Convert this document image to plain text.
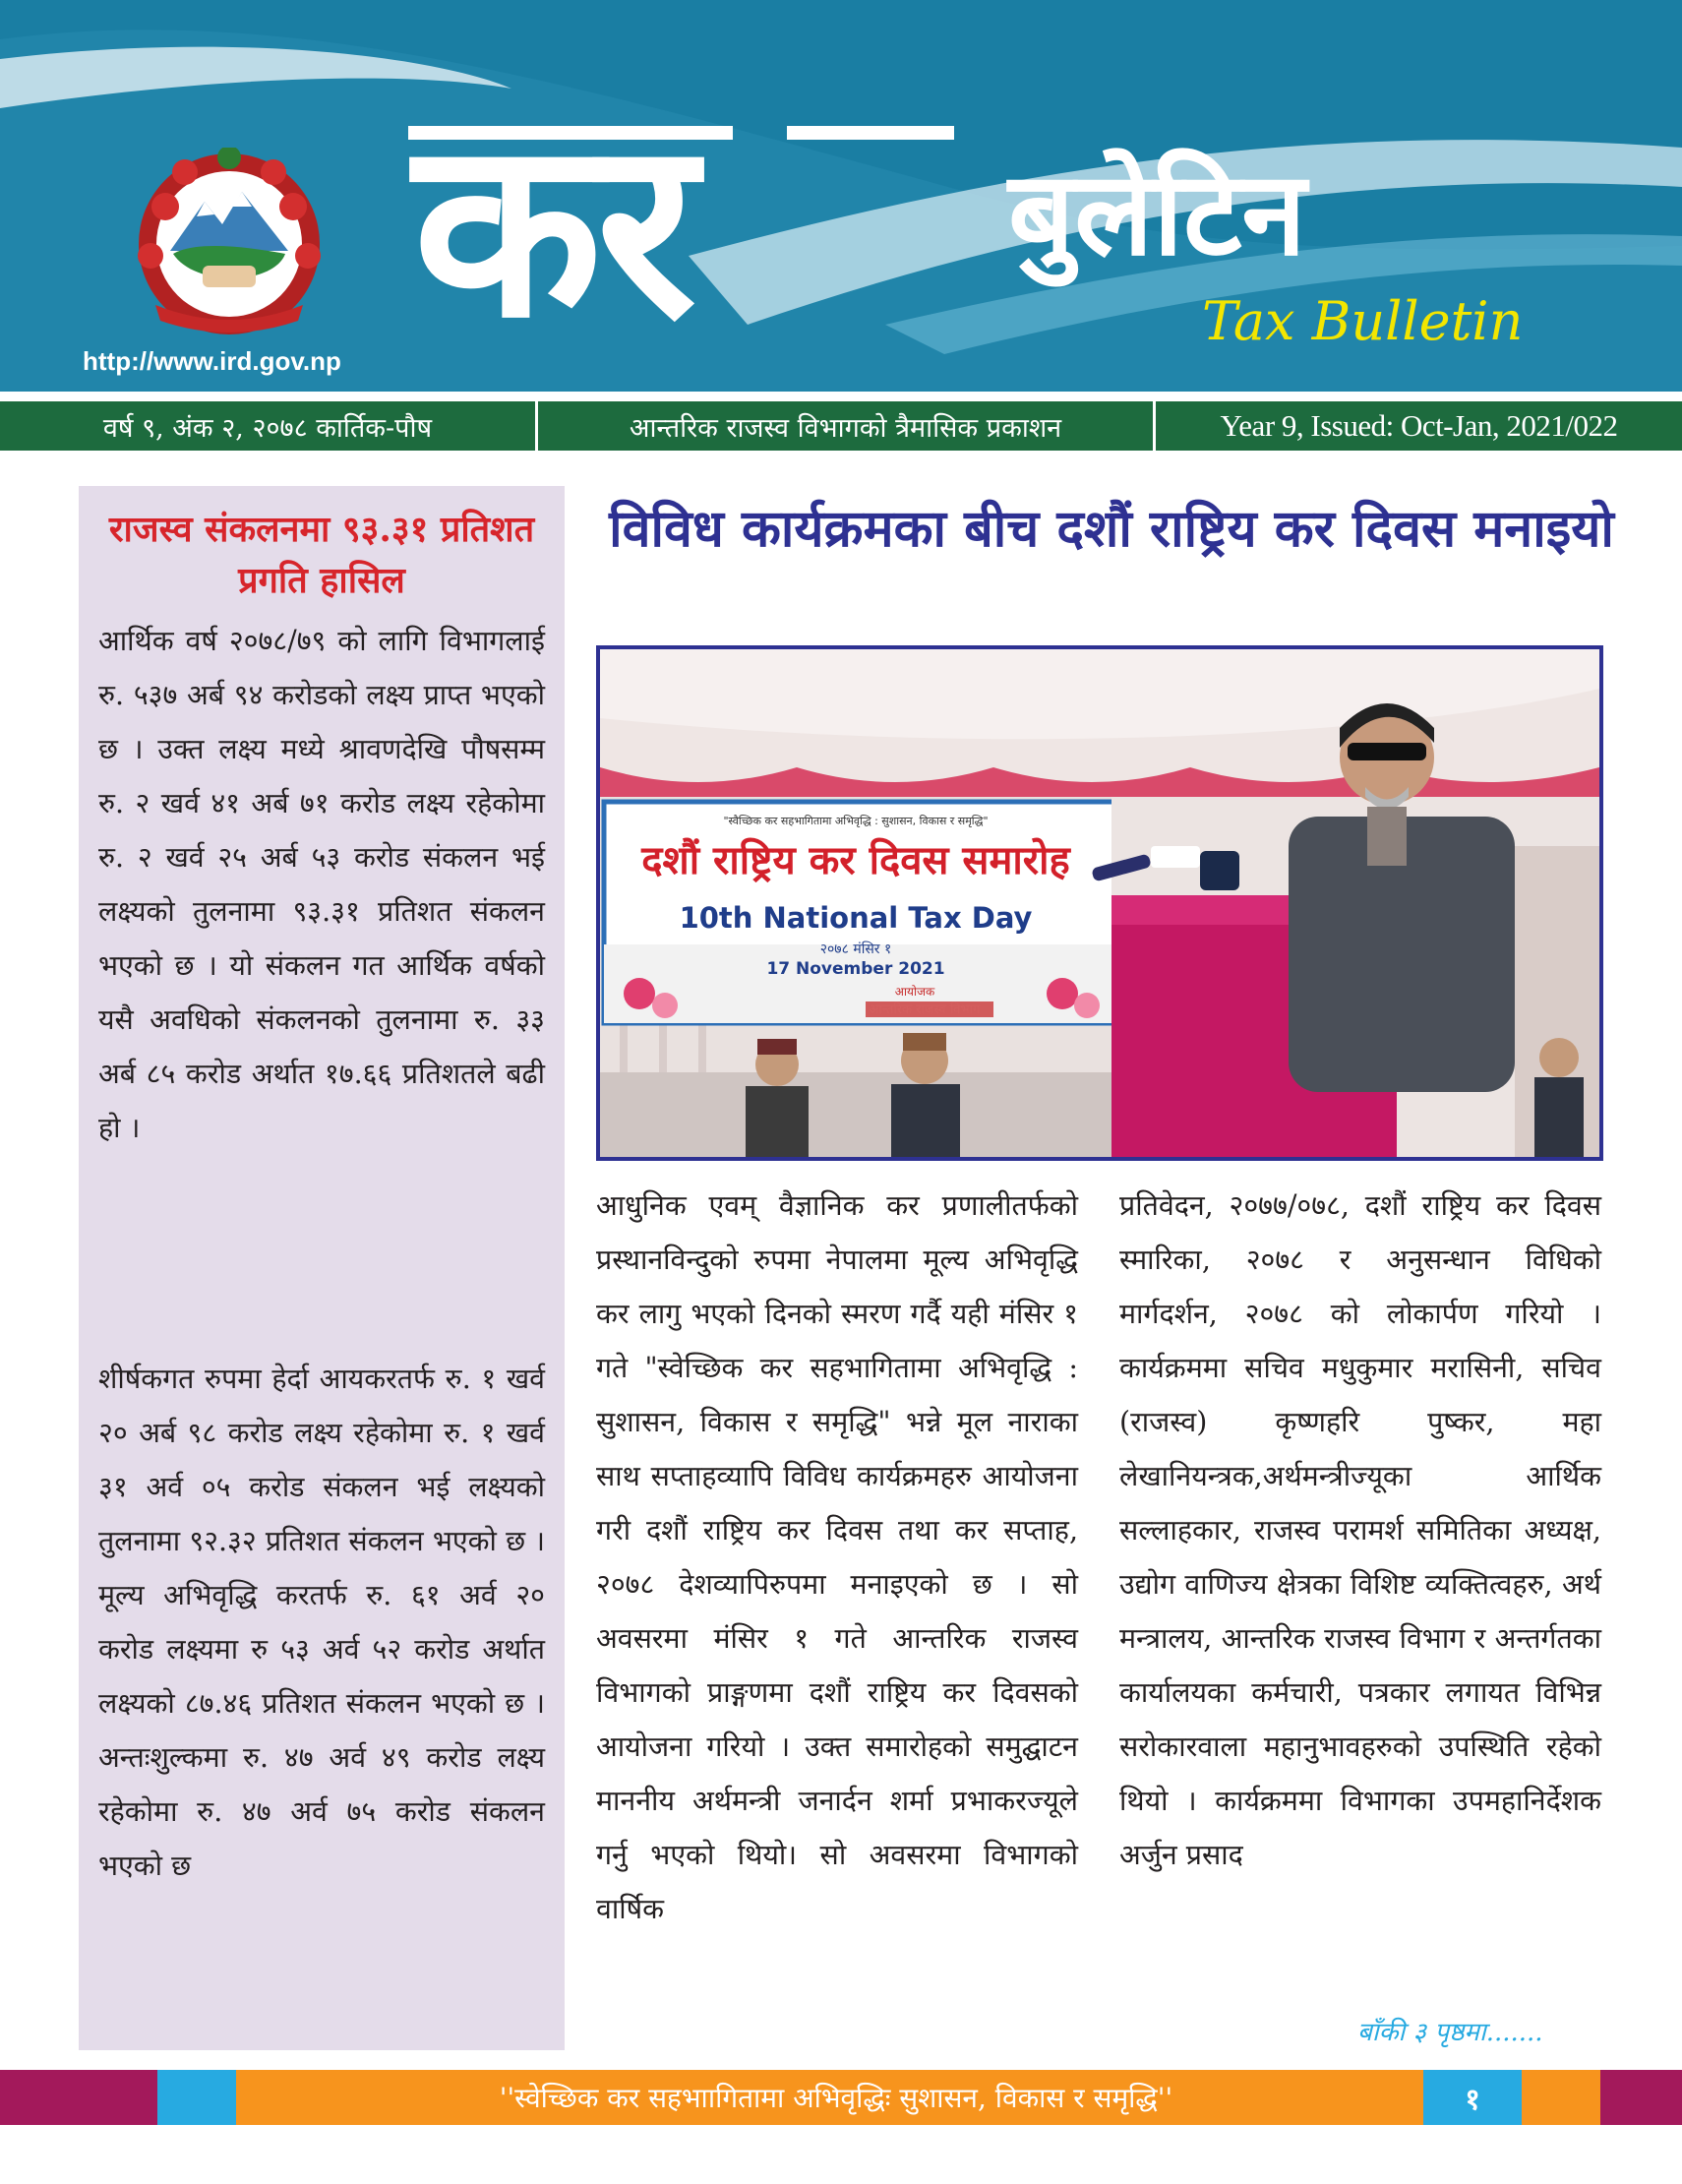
कर	बुलेटिन
Tax Bulletin
http://www.ird.gov.np
वर्ष ९, अंक २, २०७८ कार्तिक-पौष	आन्तरिक राजस्व विभागको त्रैमासिक प्रकाशन	Year 9, Issued: Oct-Jan, 2021/022
राजस्व संकलनमा ९३.३१ प्रतिशत प्रगति हासिल

आर्थिक वर्ष २०७८/७९ को लागि विभागलाई रु. ५३७ अर्ब ९४ करोडको लक्ष्य प्राप्त भएको छ । उक्त लक्ष्य मध्ये श्रावणदेखि पौषसम्म रु. २ खर्व ४१ अर्ब ७१ करोड लक्ष्य रहेकोमा रु. २ खर्व २५ अर्ब ५३ करोड संकलन भई लक्ष्यको तुलनामा ९३.३१ प्रतिशत संकलन भएको छ । यो संकलन गत आर्थिक वर्षको यसै अवधिको संकलनको तुलनामा रु. ३३ अर्ब ८५ करोड अर्थात १७.६६ प्रतिशतले बढी हो ।

शीर्षकगत रुपमा हेर्दा आयकरतर्फ रु. १ खर्व २० अर्ब ९८ करोड लक्ष्य रहेकोमा रु. १ खर्व ३१ अर्व ०५ करोड संकलन भई लक्ष्यको तुलनामा ९२.३२ प्रतिशत संकलन भएको छ । मूल्य अभिवृद्धि करतर्फ रु. ६१ अर्व २० करोड लक्ष्यमा रु ५३ अर्व ५२ करोड अर्थात लक्ष्यको ८७.४६ प्रतिशत संकलन भएको छ । अन्तःशुल्कमा रु. ४७ अर्व ४९ करोड लक्ष्य रहेकोमा रु. ४७ अर्व ७५ करोड संकलन भएको छ

विविध कार्यक्रमका बीच दशौं राष्ट्रिय कर दिवस मनाइयो
"स्वैच्छिक कर सहभागितामा अभिवृद्धि : सुशासन, विकास र समृद्धि"
दशौं राष्ट्रिय कर दिवस समारोह
10th National Tax Day
२०७८ मंसिर १
17 November 2021
आयोजक
आधुनिक एवम् वैज्ञानिक कर प्रणालीतर्फको प्रस्थानविन्दुको रुपमा नेपालमा मूल्य अभिवृद्धि कर लागु भएको दिनको स्मरण गर्दै यही मंसिर १ गते "स्वेच्छिक कर सहभागितामा अभिवृद्धि : सुशासन, विकास र समृद्धि" भन्ने मूल नाराका साथ सप्ताहव्यापि विविध कार्यक्रमहरु आयोजना गरी दशौं राष्ट्रिय कर दिवस तथा कर सप्ताह, २०७८ देशव्यापिरुपमा मनाइएको छ । सो अवसरमा मंसिर १ गते आन्तरिक राजस्व विभागको प्राङ्गणमा दशौं राष्ट्रिय कर दिवसको आयोजना गरियो । उक्त समारोहको समुद्घाटन माननीय अर्थमन्त्री जनार्दन शर्मा प्रभाकरज्यूले गर्नु भएको थियो। सो अवसरमा विभागको वार्षिक
प्रतिवेदन, २०७७/०७८, दशौं राष्ट्रिय कर दिवस स्मारिका, २०७८ र अनुसन्धान विधिको मार्गदर्शन, २०७८ को लोकार्पण गरियो । कार्यक्रममा सचिव मधुकुमार मरासिनी, सचिव (राजस्व) कृष्णहरि पुष्कर, महा लेखानियन्त्रक,अर्थमन्त्रीज्यूका आर्थिक सल्लाहकार, राजस्व परामर्श समितिका अध्यक्ष, उद्योग वाणिज्य क्षेत्रका विशिष्ट व्यक्तित्वहरु, अर्थ मन्त्रालय, आन्तरिक राजस्व विभाग र अन्तर्गतका कार्यालयका कर्मचारी, पत्रकार लगायत विभिन्न सरोकारवाला महानुभावहरुको उपस्थिति रहेको थियो । कार्यक्रममा विभागका उपमहानिर्देशक अर्जुन प्रसाद
बाँकी ३ पृष्ठमा.......
''स्वेच्छिक कर सहभाागितामा अभिवृद्धिः सुशासन, विकास र समृद्धि''	१
